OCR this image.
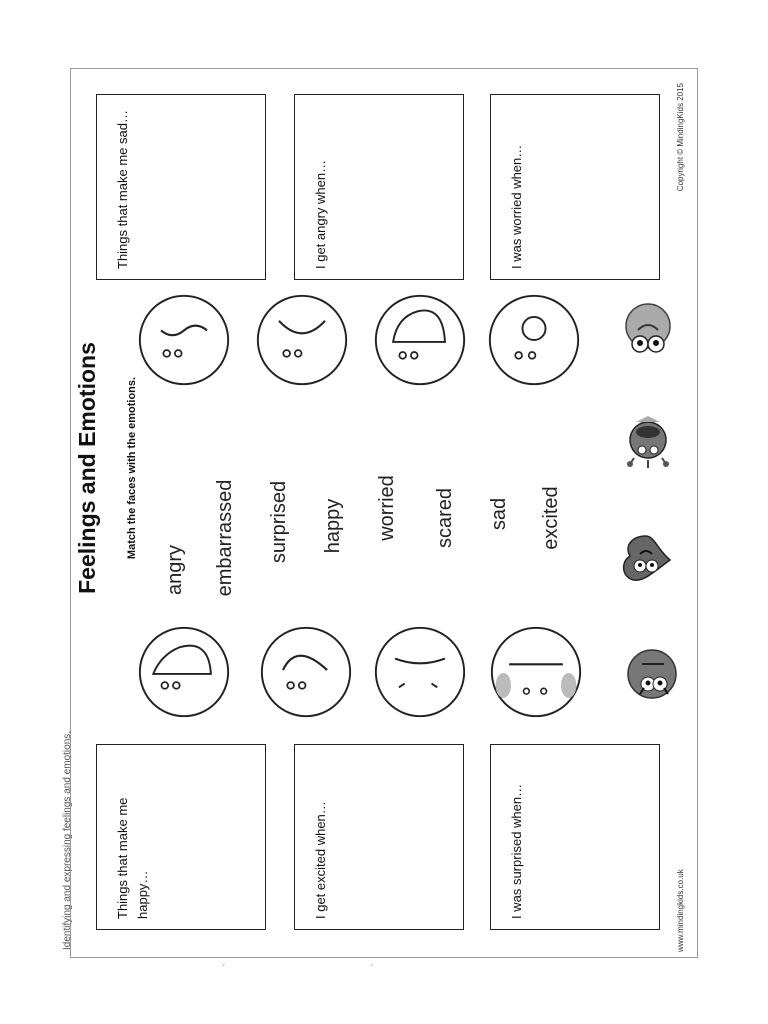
Identifying and expressing feelings and emotions.
ˊ	ˊ
Feelings and Emotions Match the faces with the emotions.
Things that make me happy…	I get excited when…	I was surprised when…
Things that make me sad…	I get angry when…	I was worried when…
angry embarrassed surprised happy worried scared sad excited
www.mindingkids.co.uk
Copyright © MindingKids 2015
